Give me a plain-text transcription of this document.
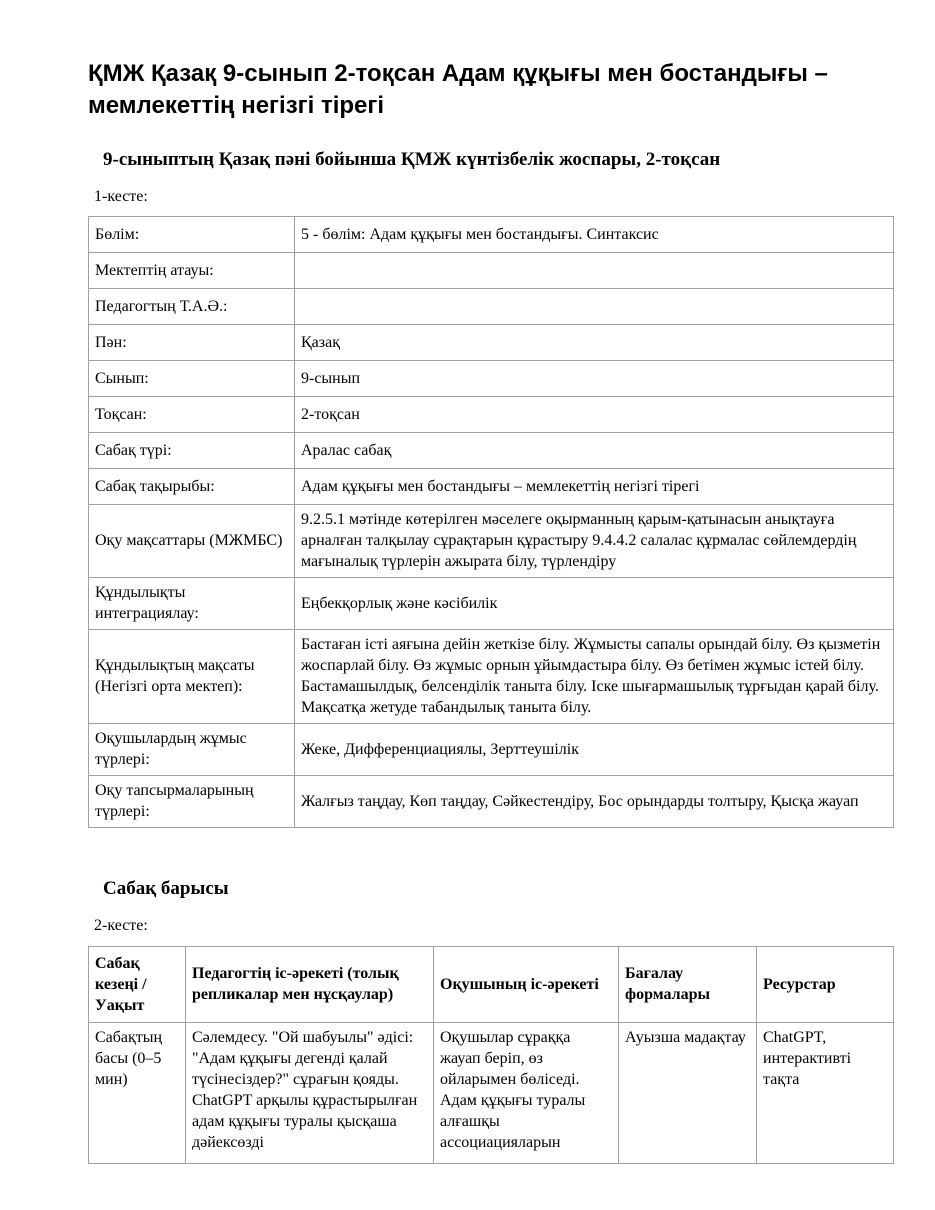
ҚМЖ Қазақ 9-сынып 2-тоқсан Адам құқығы мен бостандығы – мемлекеттің негізгі тірегі
9-сыныптың Қазақ пәні бойынша ҚМЖ күнтізбелік жоспары, 2-тоқсан

1-кесте:

Бөлім:	5 - бөлім: Адам құқығы мен бостандығы. Синтаксис
Мектептің атауы:	
Педагогтың Т.А.Ә.:	
Пән:	Қазақ
Сынып:	9-сынып
Тоқсан:	2-тоқсан
Сабақ түрі:	Аралас сабақ
Сабақ тақырыбы:	Адам құқығы мен бостандығы – мемлекеттің негізгі тірегі
Оқу мақсаттары (МЖМБС)	9.2.5.1 мәтінде көтерілген мәселеге оқырманның қарым-қатынасын анықтауға арналған талқылау сұрақтарын құрастыру 9.4.4.2 салалас құрмалас сөйлемдердің мағыналық түрлерін ажырата білу, түрлендіру
Құндылықты интеграциялау:	Еңбекқорлық және кәсібилік
Құндылықтың мақсаты (Негізгі орта мектеп):	Бастаған істі аяғына дейін жеткізе білу. Жұмысты сапалы орындай білу. Өз қызметін жоспарлай білу. Өз жұмыс орнын ұйымдастыра білу. Өз бетімен жұмыс істей білу. Бастамашылдық, белсенділік таныта білу. Іске шығармашылық тұрғыдан қарай білу. Мақсатқа жетуде табандылық таныта білу.
Оқушылардың жұмыс түрлері:	Жеке, Дифференциациялы, Зерттеушілік
Оқу тапсырмаларының түрлері:	Жалғыз таңдау, Көп таңдау, Сәйкестендіру, Бос орындарды толтыру, Қысқа жауап
Сабақ барысы

2-кесте:

Сабақ кезеңі / Уақыт	Педагогтің іс-әрекеті (толық репликалар мен нұсқаулар)	Оқушының іс-әрекеті	Бағалау формалары	Ресурстар

Сабақтың басы (0–5 мин)	Сәлемдесу. "Ой шабуылы" әдісі: "Адам құқығы дегенді қалай түсінесіздер?" сұрағын қояды. ChatGPT арқылы құрастырылған адам құқығы туралы қысқаша дәйексөзді	Оқушылар сұраққа жауап беріп, өз ойларымен бөліседі. Адам құқығы туралы алғашқы ассоциацияларын	Ауызша мадақтау	ChatGPT, интерактивті тақта
